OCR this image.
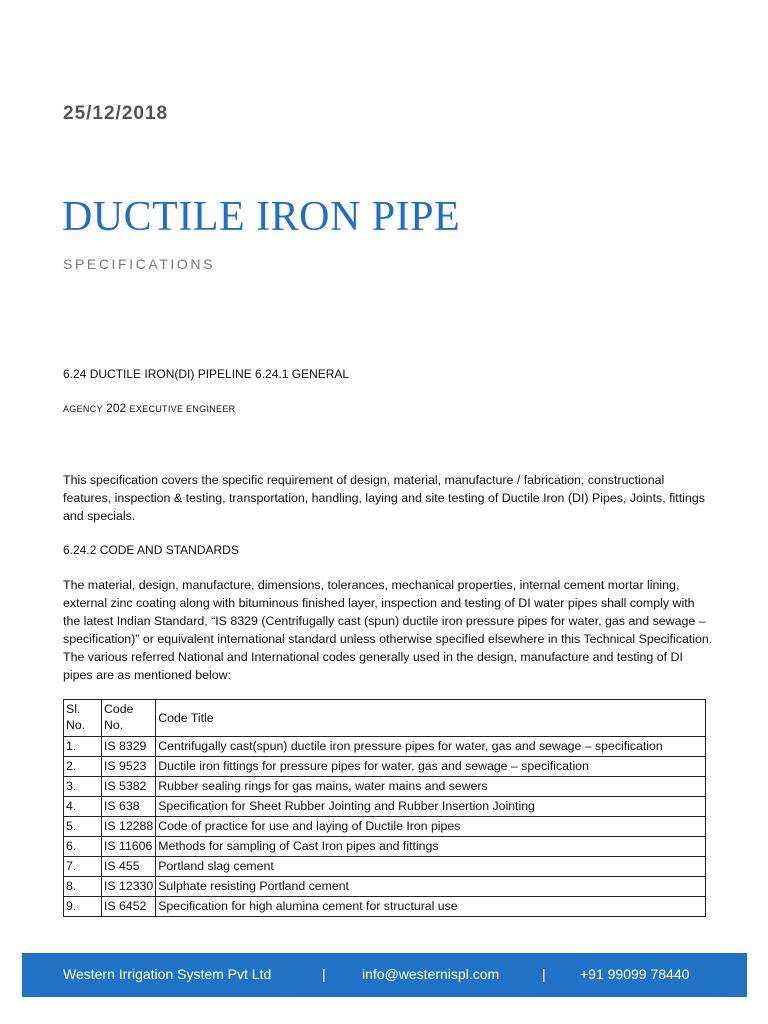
25/12/2018
DUCTILE IRON PIPE
SPECIFICATIONS
6.24 DUCTILE IRON(DI) PIPELINE 6.24.1 GENERAL
AGENCY 202 EXECUTIVE ENGINEER
This specification covers the specific requirement of design, material, manufacture / fabrication, constructional features, inspection & testing, transportation, handling, laying and site testing of Ductile Iron (DI) Pipes, Joints, fittings and specials.
6.24.2 CODE AND STANDARDS
The material, design, manufacture, dimensions, tolerances, mechanical properties, internal cement mortar lining, external zinc coating along with bituminous finished layer, inspection and testing of DI water pipes shall comply with the latest Indian Standard, “IS 8329 (Centrifugally cast (spun) ductile iron pressure pipes for water, gas and sewage – specification)” or equivalent international standard unless otherwise specified elsewhere in this Technical Specification. The various referred National and International codes generally used in the design, manufacture and testing of DI pipes are as mentioned below:
Sl. No.	Code No.	Code Title
1.	IS 8329	Centrifugally cast(spun) ductile iron pressure pipes for water, gas and sewage – specification
2.	IS 9523	Ductile iron fittings for pressure pipes for water, gas and sewage – specification
3.	IS 5382	Rubber sealing rings for gas mains, water mains and sewers
4.	IS 638	Specification for Sheet Rubber Jointing and Rubber Insertion Jointing
5.	IS 12288	Code of practice for use and laying of Ductile Iron pipes
6.	IS 11606	Methods for sampling of Cast Iron pipes and fittings
7.	IS 455	Portland slag cement
8.	IS 12330	Sulphate resisting Portland cement
9.	IS 6452	Specification for high alumina cement for structural use
Western Irrigation System Pvt Ltd	|	info@westernispl.com	| +91 99099 78440
